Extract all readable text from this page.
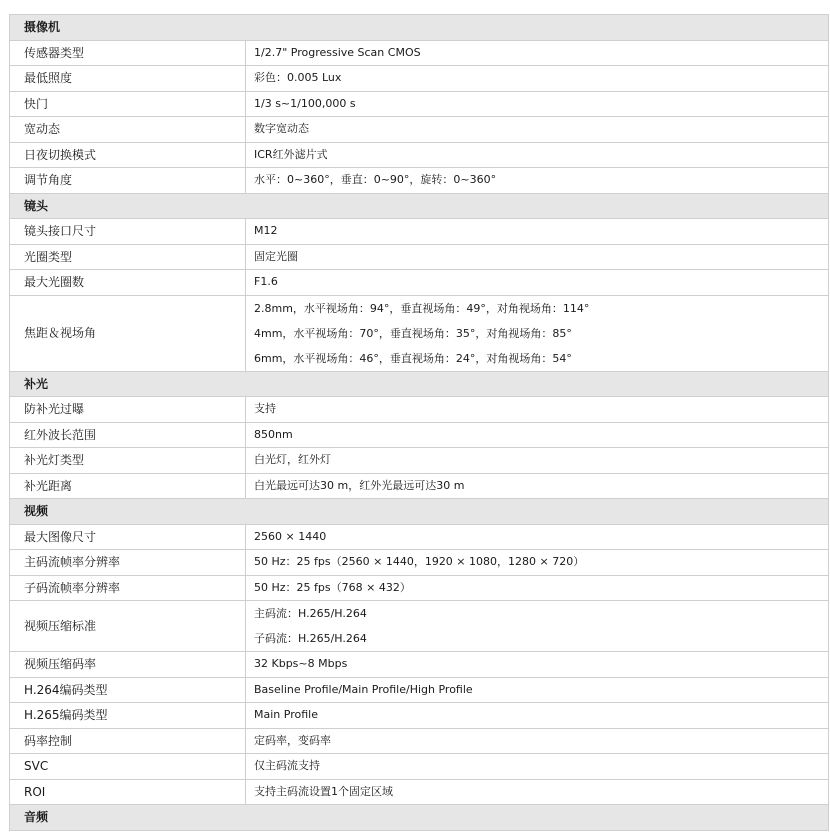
摄像机	
传感器类型	1/2.7" Progressive Scan CMOS
最低照度	彩色：0.005 Lux
快门	1/3 s~1/100,000 s
宽动态	数字宽动态
日夜切换模式	ICR红外滤片式
调节角度	水平：0~360°，垂直：0~90°，旋转：0~360°
镜头	
镜头接口尺寸	M12
光圈类型	固定光圈
最大光圈数	F1.6
焦距＆视场角	2.8mm，水平视场角：94°，垂直视场角：49°，对角视场角：114°
4mm，水平视场角：70°，垂直视场角：35°，对角视场角：85°
6mm，水平视场角：46°，垂直视场角：24°，对角视场角：54°

补光	
防补光过曝	支持
红外波长范围	850nm
补光灯类型	白光灯，红外灯
补光距离	白光最远可达30 m，红外光最远可达30 m
视频	
最大图像尺寸	2560 × 1440
主码流帧率分辨率	50 Hz：25 fps（2560 × 1440，1920 × 1080，1280 × 720）
子码流帧率分辨率	50 Hz：25 fps（768 × 432）
视频压缩标准	主码流：H.265/H.264
子码流：H.265/H.264

视频压缩码率	32 Kbps~8 Mbps
H.264编码类型	Baseline Profile/Main Profile/High Profile
H.265编码类型	Main Profile
码率控制	定码率，变码率
SVC	仅主码流支持
ROI	支持主码流设置1个固定区域
音频	
